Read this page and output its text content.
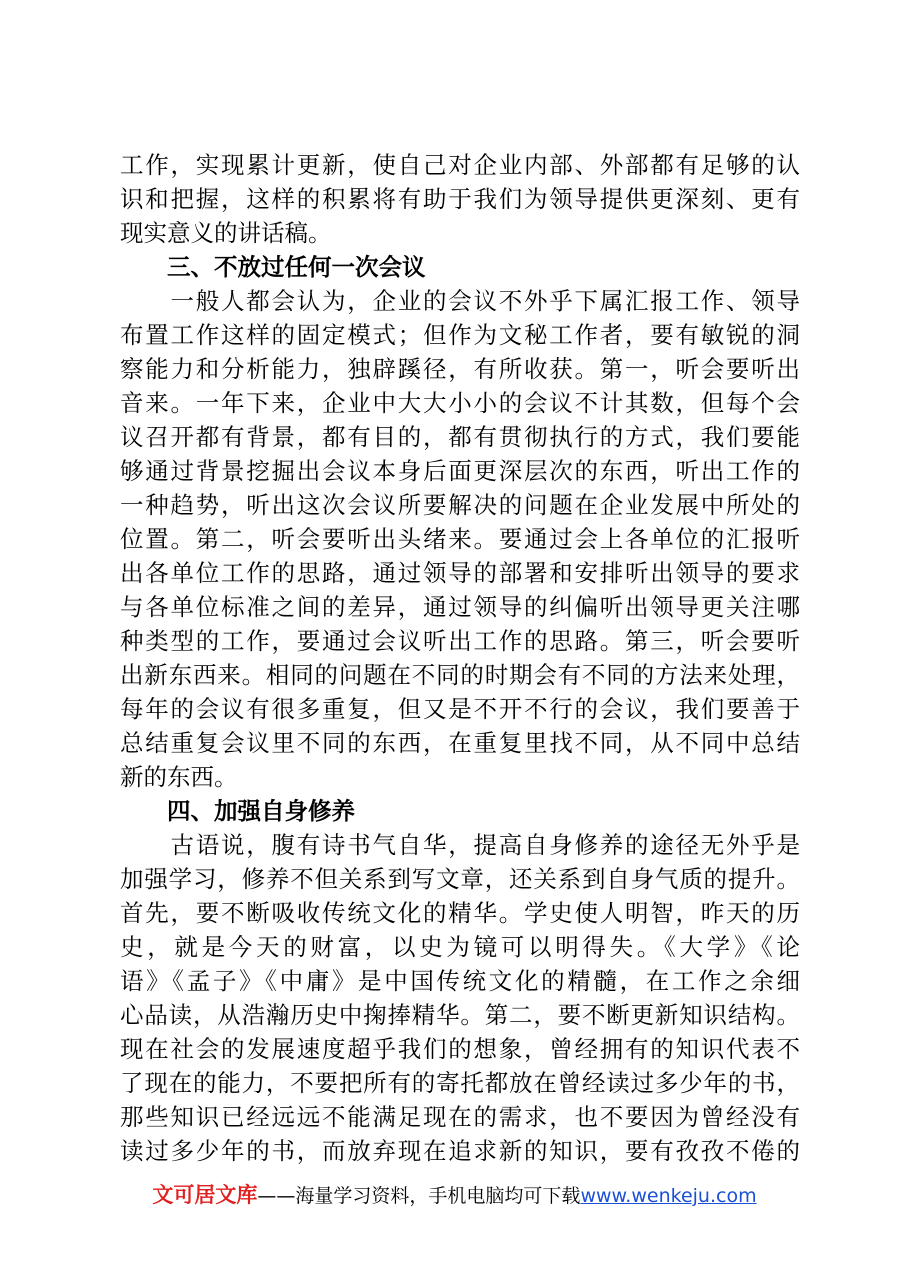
工作，实现累计更新，使自己对企业内部、外部都有足够的认
识和把握，这样的积累将有助于我们为领导提供更深刻、更有
现实意义的讲话稿。
三、不放过任何一次会议
　　一般人都会认为，企业的会议不外乎下属汇报工作、领导
布置工作这样的固定模式；但作为文秘工作者，要有敏锐的洞
察能力和分析能力，独辟蹊径，有所收获。第一，听会要听出
音来。一年下来，企业中大大小小的会议不计其数，但每个会
议召开都有背景，都有目的，都有贯彻执行的方式，我们要能
够通过背景挖掘出会议本身后面更深层次的东西，听出工作的
一种趋势，听出这次会议所要解决的问题在企业发展中所处的
位置。第二，听会要听出头绪来。要通过会上各单位的汇报听
出各单位工作的思路，通过领导的部署和安排听出领导的要求
与各单位标准之间的差异，通过领导的纠偏听出领导更关注哪
种类型的工作，要通过会议听出工作的思路。第三，听会要听
出新东西来。相同的问题在不同的时期会有不同的方法来处理，
每年的会议有很多重复，但又是不开不行的会议，我们要善于
总结重复会议里不同的东西，在重复里找不同，从不同中总结
新的东西。
四、加强自身修养
　　古语说，腹有诗书气自华，提高自身修养的途径无外乎是
加强学习，修养不但关系到写文章，还关系到自身气质的提升。
首先，要不断吸收传统文化的精华。学史使人明智，昨天的历
史，就是今天的财富，以史为镜可以明得失。《大学》《论
语》《孟子》《中庸》是中国传统文化的精髓，在工作之余细
心品读，从浩瀚历史中掬捧精华。第二，要不断更新知识结构。
现在社会的发展速度超乎我们的想象，曾经拥有的知识代表不
了现在的能力，不要把所有的寄托都放在曾经读过多少年的书，
那些知识已经远远不能满足现在的需求，也不要因为曾经没有
读过多少年的书，而放弃现在追求新的知识，要有孜孜不倦的
文可居文库——海量学习资料，手机电脑均可下载www.wenkeju.com
